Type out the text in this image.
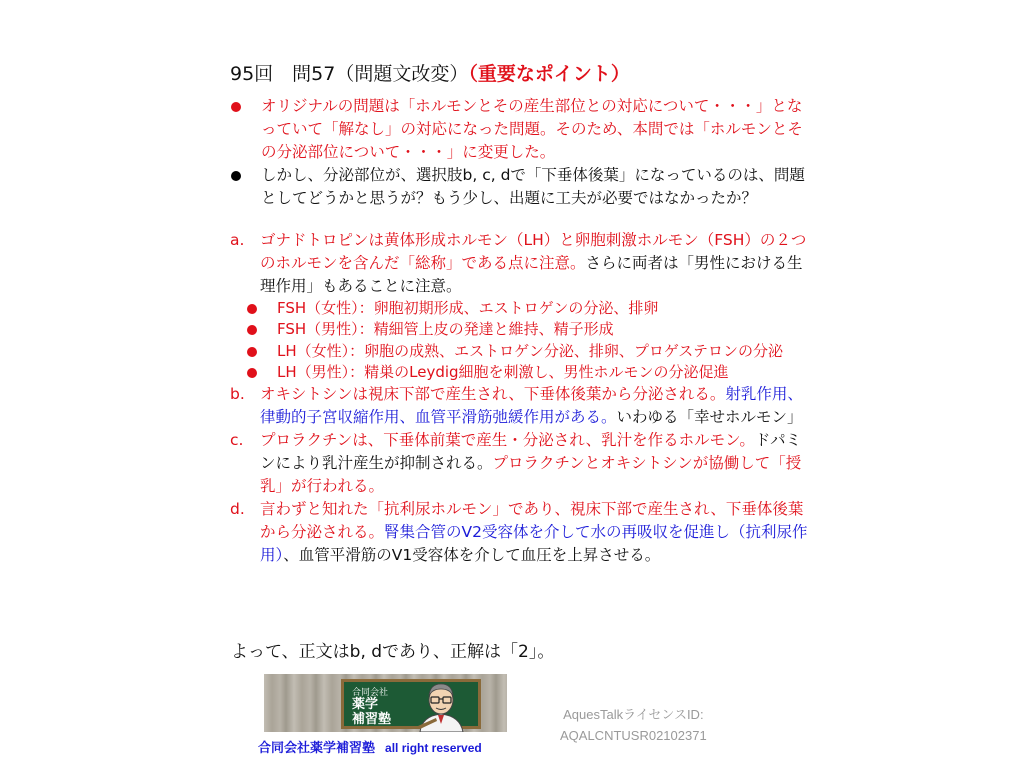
95回　問57（問題文改変）（重要なポイント）
オリジナルの問題は「ホルモンとその産生部位との対応について・・・」となっていて「解なし」の対応になった問題。そのため、本問では「ホルモンとその分泌部位について・・・」に変更した。
しかし、分泌部位が、選択肢b, c, dで「下垂体後葉」になっているのは、問題としてどうかと思うが？もう少し、出題に工夫が必要ではなかったか？
a. ゴナドトロピンは黄体形成ホルモン（LH）と卵胞刺激ホルモン（FSH）の２つのホルモンを含んだ「総称」である点に注意。さらに両者は「男性における生理作用」もあることに注意。
FSH（女性）：卵胞初期形成、エストロゲンの分泌、排卵
FSH（男性）：精細管上皮の発達と維持、精子形成
LH（女性）：卵胞の成熟、エストロゲン分泌、排卵、プロゲステロンの分泌
LH（男性）：精巣のLeydig細胞を刺激し、男性ホルモンの分泌促進
b. オキシトシンは視床下部で産生され、下垂体後葉から分泌される。射乳作用、律動的子宮収縮作用、血管平滑筋弛緩作用がある。いわゆる「幸せホルモン」
c. プロラクチンは、下垂体前葉で産生・分泌され、乳汁を作るホルモン。ドパミンにより乳汁産生が抑制される。プロラクチンとオキシトシンが協働して「授乳」が行われる。
d. 言わずと知れた「抗利尿ホルモン」であり、視床下部で産生され、下垂体後葉から分泌される。腎集合管のV2受容体を介して水の再吸収を促進し（抗利尿作用）、血管平滑筋のV1受容体を介して血圧を上昇させる。
よって、正文はb, dであり、正解は「2」。
合同会社
薬学
補習塾
合同会社薬学補習塾 all right reserved
AquesTalkライセンスID:
AQALCNTUSR02102371
